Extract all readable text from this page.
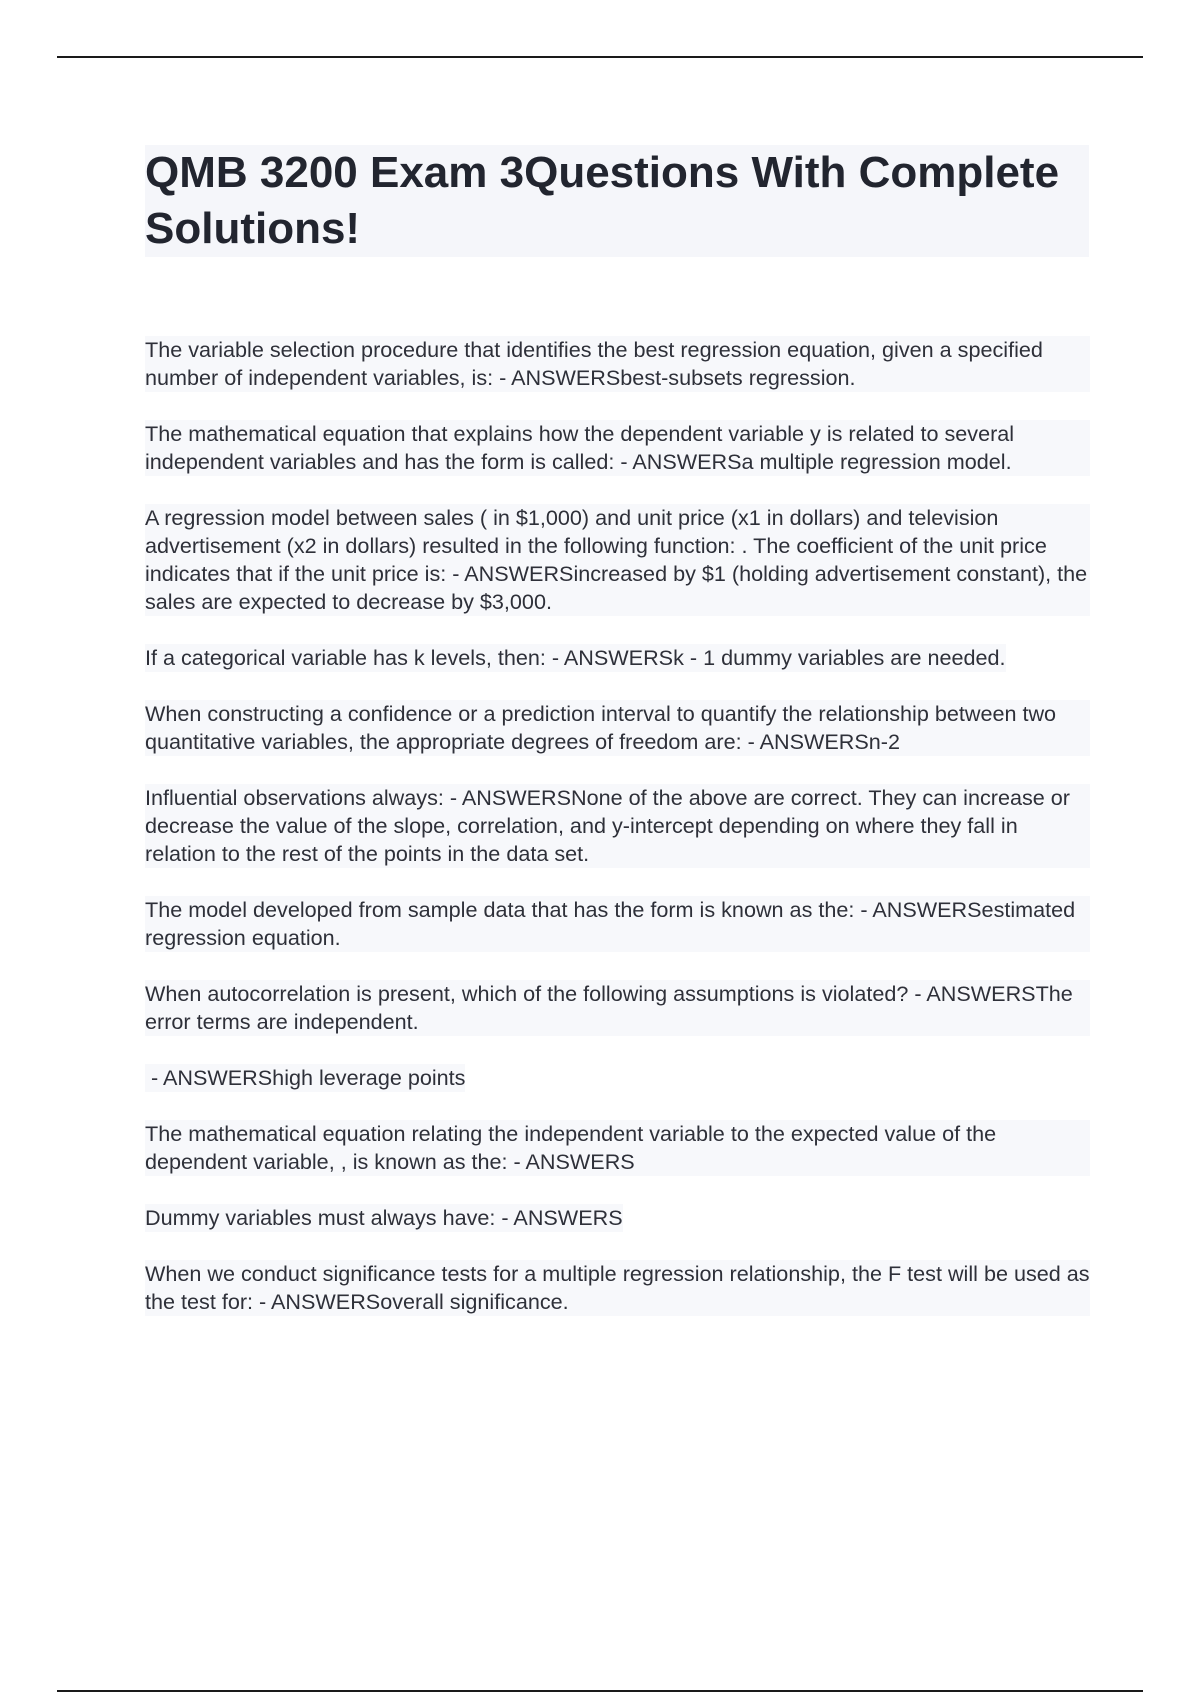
QMB 3200 Exam 3Questions With Complete Solutions!

The variable selection procedure that identifies the best regression equation, given a specified number of independent variables, is: - ANSWERSbest-subsets regression.

The mathematical equation that explains how the dependent variable y is related to several independent variables and has the form is called: - ANSWERSa multiple regression model.

A regression model between sales ( in $1,000) and unit price (x1 in dollars) and television advertisement (x2 in dollars) resulted in the following function: . The coefficient of the unit price indicates that if the unit price is: - ANSWERSincreased by $1 (holding advertisement constant), the sales are expected to decrease by $3,000.

If a categorical variable has k levels, then: - ANSWERSk - 1 dummy variables are needed.

When constructing a confidence or a prediction interval to quantify the relationship between two quantitative variables, the appropriate degrees of freedom are: - ANSWERSn-2

Influential observations always: - ANSWERSNone of the above are correct. They can increase or decrease the value of the slope, correlation, and y-intercept depending on where they fall in relation to the rest of the points in the data set.

The model developed from sample data that has the form is known as the: - ANSWERSestimated regression equation.

When autocorrelation is present, which of the following assumptions is violated? - ANSWERSThe error terms are independent.

- ANSWERShigh leverage points

The mathematical equation relating the independent variable to the expected value of the dependent variable, , is known as the: - ANSWERS

Dummy variables must always have: - ANSWERS

When we conduct significance tests for a multiple regression relationship, the F test will be used as the test for: - ANSWERSoverall significance.
